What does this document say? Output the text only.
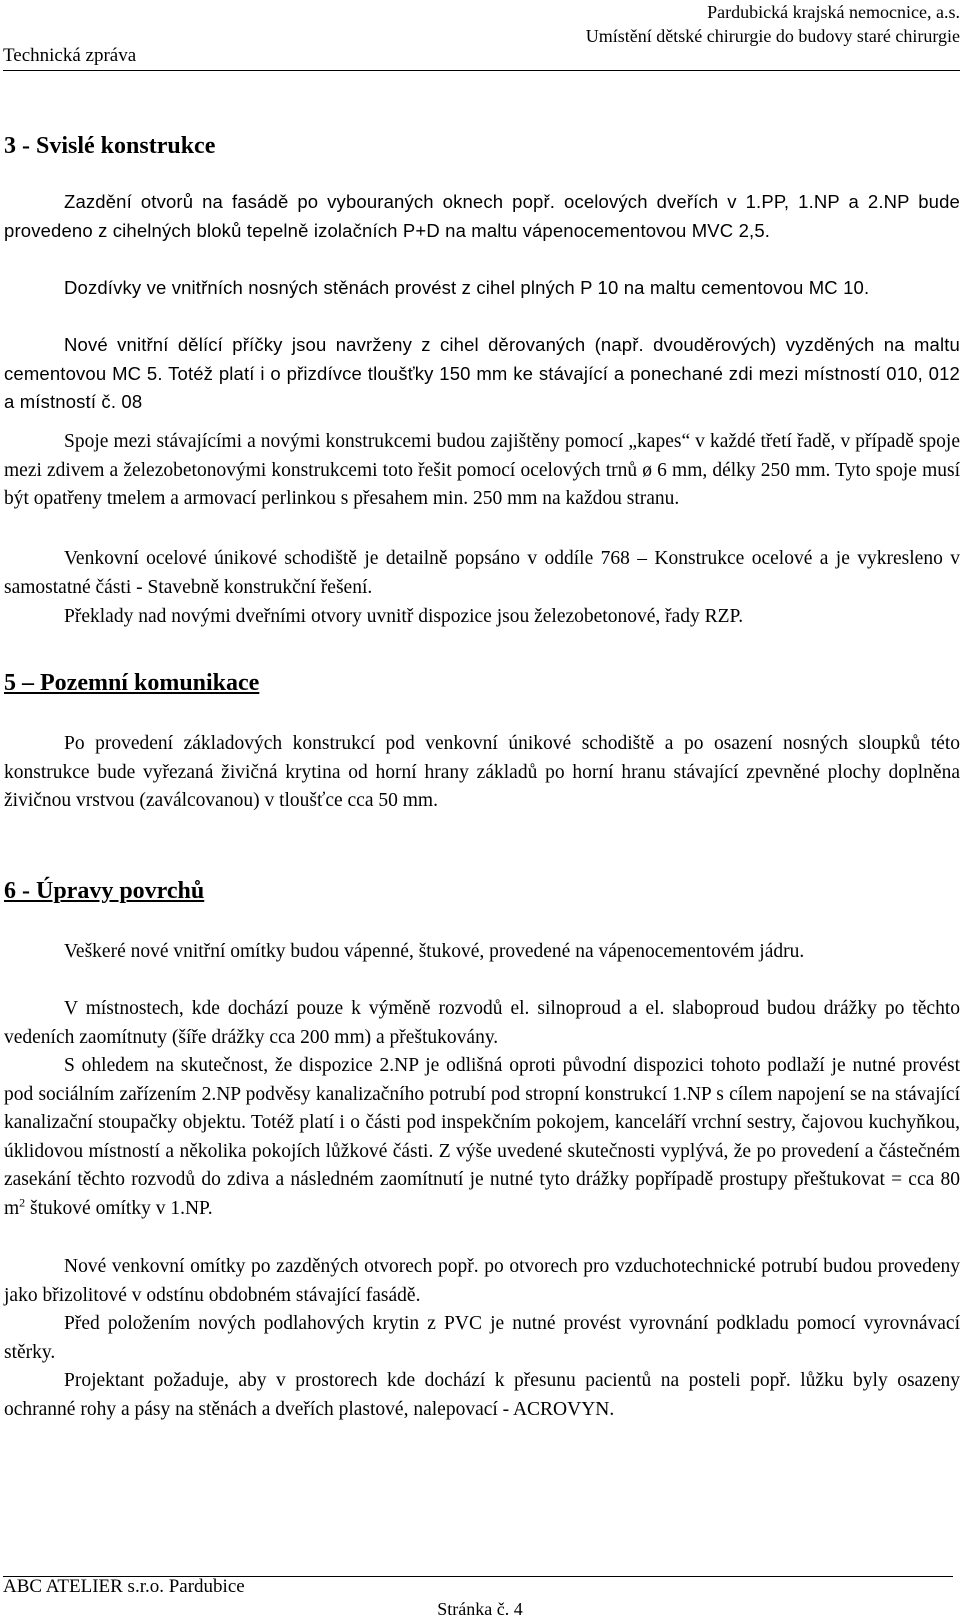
Pardubická krajská nemocnice, a.s.
Umístění dětské chirurgie do budovy staré chirurgie
Technická zpráva
3 - Svislé konstrukce

Zazdění otvorů na fasádě po vybouraných oknech popř. ocelových dveřích v 1.PP, 1.NP a 2.NP bude provedeno z cihelných bloků tepelně izolačních P+D na maltu vápenocementovou MVC 2,5.

Dozdívky ve vnitřních nosných stěnách provést z cihel plných P 10 na maltu cementovou MC 10.

Nové vnitřní dělící příčky jsou navrženy z cihel děrovaných (např. dvouděrových) vyzděných na maltu cementovou MC 5. Totéž platí i o přizdívce tloušťky 150 mm ke stávající a ponechané zdi mezi místností 010, 012 a místností č. 08

Spoje mezi stávajícími a novými konstrukcemi budou zajištěny pomocí „kapes“ v každé třetí řadě, v případě spoje mezi zdivem a železobetonovými konstrukcemi toto řešit pomocí ocelových trnů ø 6 mm, délky 250 mm. Tyto spoje musí být opatřeny tmelem a armovací perlinkou s přesahem min. 250 mm na každou stranu.

Venkovní ocelové únikové schodiště je detailně popsáno v oddíle 768 – Konstrukce ocelové a je vykresleno v samostatné části - Stavebně konstrukční řešení.

Překlady nad novými dveřními otvory uvnitř dispozice jsou železobetonové, řady RZP.

5 – Pozemní komunikace

Po provedení základových konstrukcí pod venkovní únikové schodiště a po osazení nosných sloupků této konstrukce bude vyřezaná živičná krytina od horní hrany základů po horní hranu stávající zpevněné plochy doplněna živičnou vrstvou (zaválcovanou) v tloušťce cca 50 mm.

6 - Úpravy povrchů

Veškeré nové vnitřní omítky budou vápenné, štukové, provedené na vápenocementovém jádru.

V místnostech, kde dochází pouze k výměně rozvodů el. silnoproud a el. slaboproud budou drážky po těchto vedeních zaomítnuty (šíře drážky cca 200 mm) a přeštukovány.

S ohledem na skutečnost, že dispozice 2.NP je odlišná oproti původní dispozici tohoto podlaží je nutné provést pod sociálním zařízením 2.NP podvěsy kanalizačního potrubí pod stropní konstrukcí 1.NP s cílem napojení se na stávající kanalizační stoupačky objektu. Totéž platí i o části pod inspekčním pokojem, kanceláří vrchní sestry, čajovou kuchyňkou, úklidovou místností a několika pokojích lůžkové části. Z výše uvedené skutečnosti vyplývá, že po provedení a částečném zasekání těchto rozvodů do zdiva a následném zaomítnutí je nutné tyto drážky popřípadě prostupy přeštukovat = cca 80 $m^2$ štukové omítky v 1.NP.

Nové venkovní omítky po zazděných otvorech popř. po otvorech pro vzduchotechnické potrubí budou provedeny jako břizolitové v odstínu obdobném stávající fasádě.

Před položením nových podlahových krytin z PVC je nutné provést vyrovnání podkladu pomocí vyrovnávací stěrky.

Projektant požaduje, aby v prostorech kde dochází k přesunu pacientů na posteli popř. lůžku byly osazeny ochranné rohy a pásy na stěnách a dveřích plastové, nalepovací - ACROVYN.

ABC ATELIER s.r.o. Pardubice
Stránka č. 4
